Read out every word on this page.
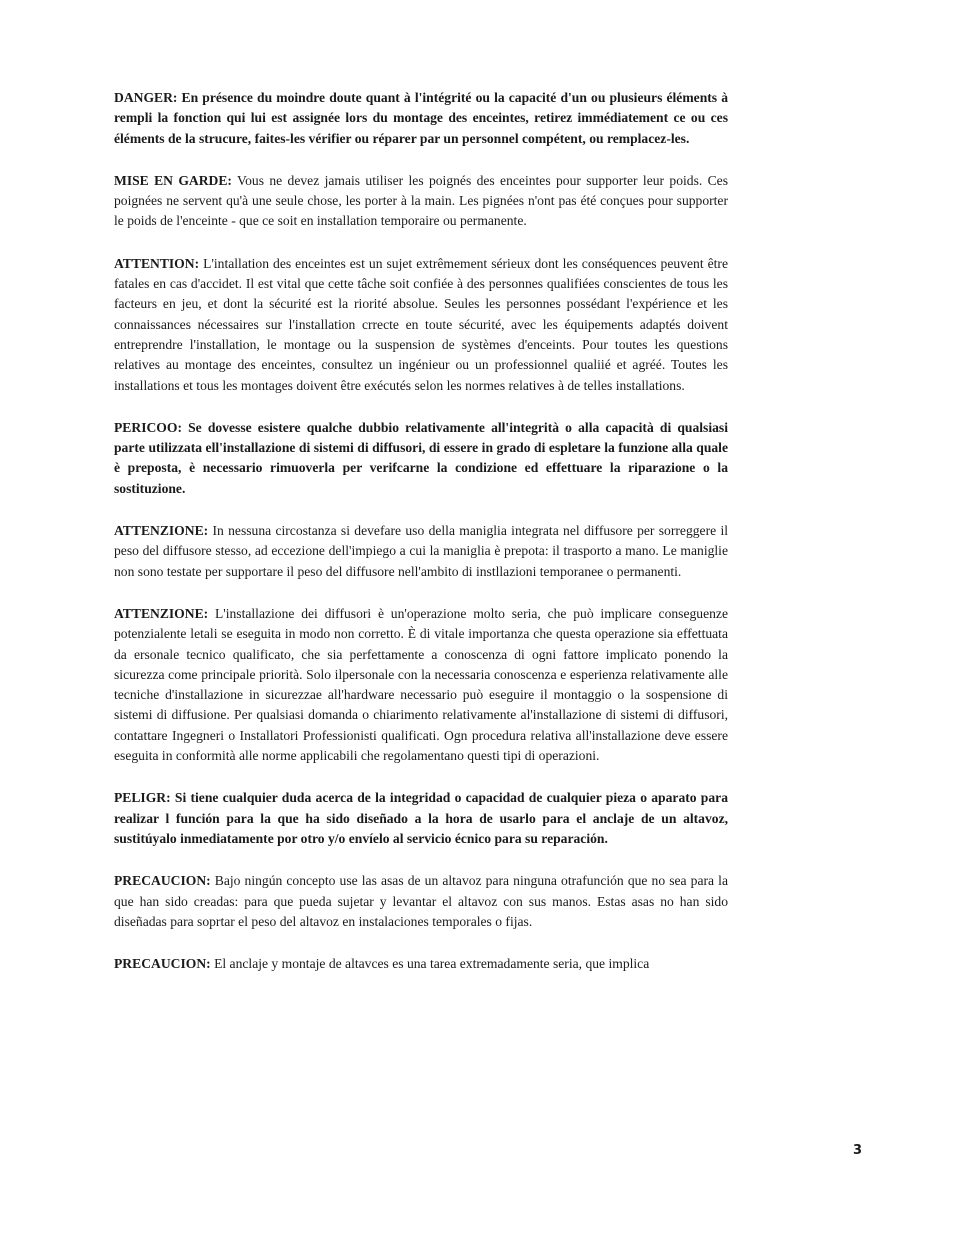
DANGER: En présence du moindre doute quant à l'intégrité ou la capacité d'un ou plusieurs éléments à rempli la fonction qui lui est assignée lors du montage des enceintes, retirez immédiatement ce ou ces éléments de la strucure, faites-les vérifier ou réparer par un personnel compétent, ou remplacez-les.

MISE EN GARDE: Vous ne devez jamais utiliser les poignés des enceintes pour supporter leur poids. Ces poignées ne servent qu'à une seule chose, les porter à la main. Les pignées n'ont pas été conçues pour supporter le poids de l'enceinte - que ce soit en installation temporaire ou permanente.

ATTENTION: L'intallation des enceintes est un sujet extrêmement sérieux dont les conséquences peuvent être fatales en cas d'accidet. Il est vital que cette tâche soit confiée à des personnes qualifiées conscientes de tous les facteurs en jeu, et dont la sécurité est la riorité absolue. Seules les personnes possédant l'expérience et les connaissances nécessaires sur l'installation crrecte en toute sécurité, avec les équipements adaptés doivent entreprendre l'installation, le montage ou la suspension de systèmes d'enceints. Pour toutes les questions relatives au montage des enceintes, consultez un ingénieur ou un professionnel qualiié et agréé. Toutes les installations et tous les montages doivent être exécutés selon les normes relatives à de telles installations.

PERICOO: Se dovesse esistere qualche dubbio relativamente all'integrità o alla capacità di qualsiasi parte utilizzata ell'installazione di sistemi di diffusori, di essere in grado di espletare la funzione alla quale è preposta, è necessario rimuoverla per verifcarne la condizione ed effettuare la riparazione o la sostituzione.

ATTENZIONE: In nessuna circostanza si devefare uso della maniglia integrata nel diffusore per sorreggere il peso del diffusore stesso, ad eccezione dell'impiego a cui la maniglia è prepota: il trasporto a mano. Le maniglie non sono testate per supportare il peso del diffusore nell'ambito di instllazioni temporanee o permanenti.

ATTENZIONE: L'installazione dei diffusori è un'operazione molto seria, che può implicare conseguenze potenzialente letali se eseguita in modo non corretto. È di vitale importanza che questa operazione sia effettuata da ersonale tecnico qualificato, che sia perfettamente a conoscenza di ogni fattore implicato ponendo la sicurezza come principale priorità. Solo ilpersonale con la necessaria conoscenza e esperienza relativamente alle tecniche d'installazione in sicurezzae all'hardware necessario può eseguire il montaggio o la sospensione di sistemi di diffusione. Per qualsiasi domanda o chiarimento relativamente al'installazione di sistemi di diffusori, contattare Ingegneri o Installatori Professionisti qualificati. Ogn procedura relativa all'installazione deve essere eseguita in conformità alle norme applicabili che regolamentano questi tipi di operazioni.

PELIGR: Si tiene cualquier duda acerca de la integridad o capacidad de cualquier pieza o aparato para realizar l función para la que ha sido diseñado a la hora de usarlo para el anclaje de un altavoz, sustitúyalo inmediatamente por otro y/o envíelo al servicio écnico para su reparación.

PRECAUCION: Bajo ningún concepto use las asas de un altavoz para ninguna otrafunción que no sea para la que han sido creadas: para que pueda sujetar y levantar el altavoz con sus manos. Estas asas no han sido diseñadas para soprtar el peso del altavoz en instalaciones temporales o fijas.

PRECAUCION: El anclaje y montaje de altavces es una tarea extremadamente seria, que implica

3
